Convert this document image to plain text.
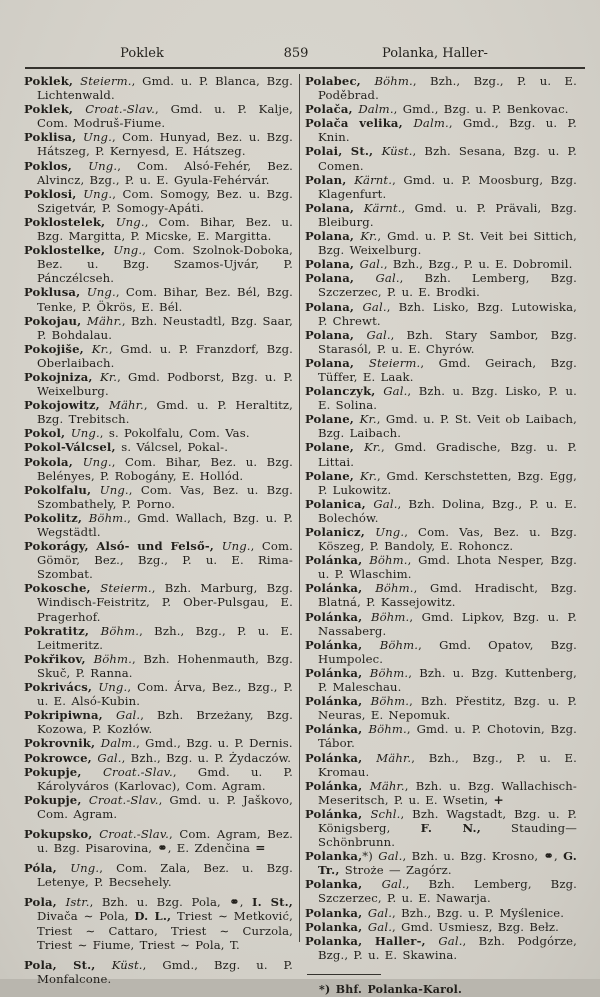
Poklek	859	Polanka, Haller-
Poklek, Steierm., Gmd. u. P. Blanca, Bzg. Lichtenwald.
Poklek, Croat.-Slav., Gmd. u. P. Kalje, Com. Modruš-Fiume.
Poklisa, Ung., Com. Hunyad, Bez. u. Bzg. Hátszeg, P. Kernyesd, E. Hátszeg.
Poklos, Ung., Com. Alsó-Fehér, Bez. Alvincz, Bzg., P. u. E. Gyula-Fehérvár.
Poklosi, Ung., Com. Somogy, Bez. u. Bzg. Szigetvár, P. Somogy-Apáti.
Poklostelek, Ung., Com. Bihar, Bez. u. Bzg. Margitta, P. Micske, E. Margitta.
Poklostelke, Ung., Com. Szolnok-Doboka, Bez. u. Bzg. Szamos-Ujvár, P. Pánczélcseh.
Poklusa, Ung., Com. Bihar, Bez. Bél, Bzg. Tenke, P. Ökrös, E. Bél.
Pokojau, Mähr., Bzh. Neustadtl, Bzg. Saar, P. Bohdalau.
Pokojiše, Kr., Gmd. u. P. Franzdorf, Bzg. Oberlaibach.
Pokojniza, Kr., Gmd. Podborst, Bzg. u. P. Weixelburg.
Pokojowitz, Mähr., Gmd. u. P. Heraltitz, Bzg. Trebitsch.
Pokol, Ung., s. Pokolfalu, Com. Vas.
Pokol-Válcsel, s. Válcsel, Pokal-.
Pokola, Ung., Com. Bihar, Bez. u. Bzg. Belényes, P. Robogány, E. Hollód.
Pokolfalu, Ung., Com. Vas, Bez. u. Bzg. Szombathely, P. Porno.
Pokolitz, Böhm., Gmd. Wallach, Bzg. u. P. Wegstädtl.
Pokorágy, Alsó- und Felső-, Ung., Com. Gömör, Bez., Bzg., P. u. E. Rima-Szombat.
Pokosche, Steierm., Bzh. Marburg, Bzg. Windisch-Feistritz, P. Ober-Pulsgau, E. Pragerhof.
Pokratitz, Böhm., Bzh., Bzg., P. u. E. Leitmeritz.
Pokřikov, Böhm., Bzh. Hohenmauth, Bzg. Skuč, P. Ranna.
Pokrivács, Ung., Com. Árva, Bez., Bzg., P. u. E. Alsó-Kubin.
Pokripiwna, Gal., Bzh. Brzeżany, Bzg. Kozowa, P. Kozłów.
Pokrovnik, Dalm., Gmd., Bzg. u. P. Dernis.
Pokrowce, Gal., Bzh., Bzg. u. P. Żydaczów.
Pokupje, Croat.-Slav., Gmd. u. P. Károlyváros (Karlovac), Com. Agram.
Pokupje, Croat.-Slav., Gmd. u. P. Jaškovo, Com. Agram.
Pokupsko, Croat.-Slav., Com. Agram, Bez. u. Bzg. Pisarovina, ⚭, E. Zdenčina =
Póla, Ung., Com. Zala, Bez. u. Bzg. Letenye, P. Becsehely.
Pola, Istr., Bzh. u. Bzg. Pola, ⚭, I. St., Divača ∼ Pola, D. L., Triest ∼ Metković, Triest ∼ Cattaro, Triest ∼ Curzola, Triest ∼ Fiume, Triest ∼ Pola, T.
Pola, St., Küst., Gmd., Bzg. u. P. Monfalcone.
Polabec, Böhm., Bzh., Bzg., P. u. E. Poděbrad.
Polača, Dalm., Gmd., Bzg. u. P. Benkovac.
Polača velika, Dalm., Gmd., Bzg. u. P. Knin.
Polai, St., Küst., Bzh. Sesana, Bzg. u. P. Comen.
Polan, Kärnt., Gmd. u. P. Moosburg, Bzg. Klagenfurt.
Polana, Kärnt., Gmd. u. P. Prävali, Bzg. Bleiburg.
Polana, Kr., Gmd. u. P. St. Veit bei Sittich, Bzg. Weixelburg.
Polana, Gal., Bzh., Bzg., P. u. E. Dobromil.
Polana, Gal., Bzh. Lemberg, Bzg. Szczerzec, P. u. E. Brodki.
Polana, Gal., Bzh. Lisko, Bzg. Lutowiska, P. Chrewt.
Polana, Gal., Bzh. Stary Sambor, Bzg. Starasól, P. u. E. Chyrów.
Polana, Steierm., Gmd. Geirach, Bzg. Tüffer, E. Laak.
Polanczyk, Gal., Bzh. u. Bzg. Lisko, P. u. E. Solina.
Polane, Kr., Gmd. u. P. St. Veit ob Laibach, Bzg. Laibach.
Polane, Kr., Gmd. Gradische, Bzg. u. P. Littai.
Polane, Kr., Gmd. Kerschstetten, Bzg. Egg, P. Lukowitz.
Polanica, Gal., Bzh. Dolina, Bzg., P. u. E. Bolechów.
Polanicz, Ung., Com. Vas, Bez. u. Bzg. Köszeg, P. Bandoly, E. Rohoncz.
Polánka, Böhm., Gmd. Lhota Nesper, Bzg. u. P. Wlaschim.
Polánka, Böhm., Gmd. Hradischt, Bzg. Blatná, P. Kassejowitz.
Polánka, Böhm., Gmd. Lipkov, Bzg. u. P. Nassaberg.
Polánka, Böhm., Gmd. Opatov, Bzg. Humpolec.
Polánka, Böhm., Bzh. u. Bzg. Kuttenberg, P. Maleschau.
Polánka, Böhm., Bzh. Přestitz, Bzg. u. P. Neuras, E. Nepomuk.
Polánka, Böhm., Gmd. u. P. Chotovin, Bzg. Tábor.
Polánka, Mähr., Bzh., Bzg., P. u. E. Kromau.
Polánka, Mähr., Bzh. u. Bzg. Wallachisch-Meseritsch, P. u. E. Wsetin, +
Polánka, Schl., Bzh. Wagstadt, Bzg. u. P. Königsberg, F. N., Stauding—Schönbrunn.
Polanka,*) Gal., Bzh. u. Bzg. Krosno, ⚭, G. Tr., Stroże — Zagórz.
Polanka, Gal., Bzh. Lemberg, Bzg. Szczerzec, P. u. E. Nawarja.
Polanka, Gal., Bzh., Bzg. u. P. Myślenice.
Polanka, Gal., Gmd. Usmiesz, Bzg. Bełz.
Polanka, Haller-, Gal., Bzh. Podgórze, Bzg., P. u. E. Skawina.

*) Bhf. Polanka-Karol.
